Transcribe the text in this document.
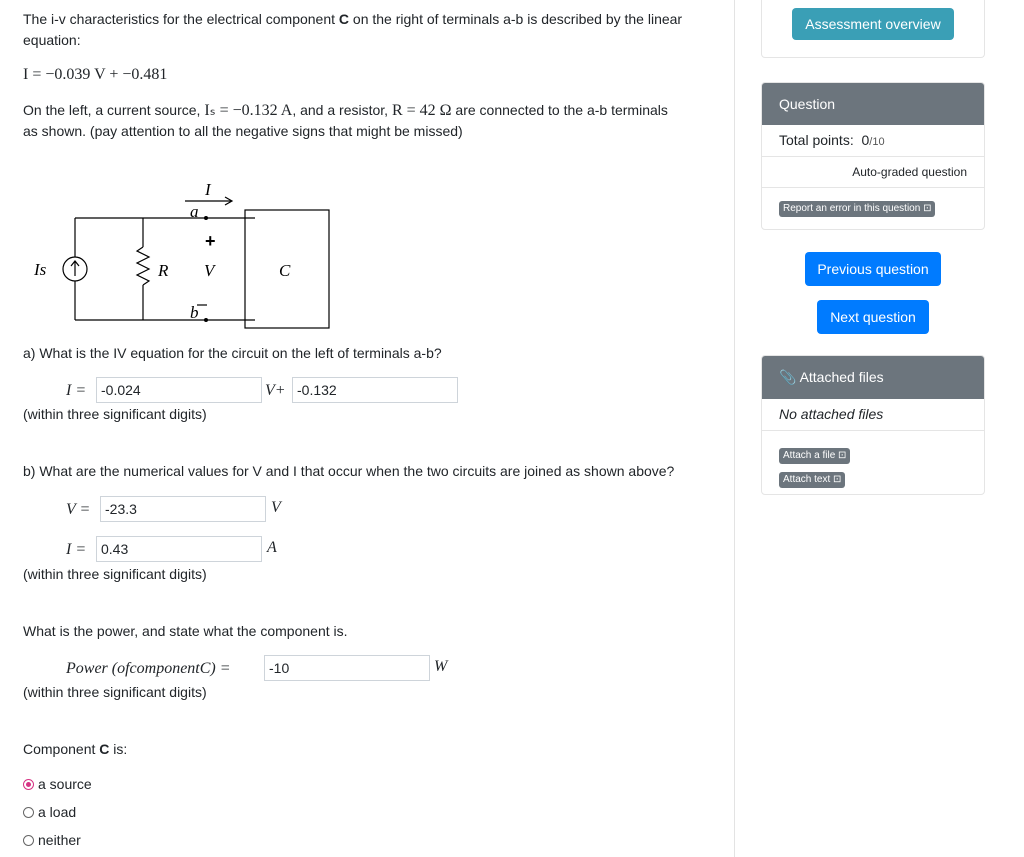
The i-v characteristics for the electrical component C on the right of terminals a-b is described by the linear
equation:
I = −0.039 V + −0.481
On the left, a current source, Iₛ = −0.132 A, and a resistor, R = 42 Ω are connected to the a-b terminals
as shown. (pay attention to all the negative signs that might be missed)
Is	R
+
V
I
a
b
C
a) What is the IV equation for the circuit on the left of terminals a-b?
I =	-0.024	V+ -0.132
(within three significant digits)
b) What are the numerical values for V and I that occur when the two circuits are joined as shown above?
V =	-23.3	V
I =	0.43	A
(within three significant digits)
What is the power, and state what the component is.
Power (ofcomponentC) =	-10	W
(within three significant digits)
Component C is:
a source
a load
neither
Assessment overview
Question
Total points: 0/10
Auto-graded question
Report an error in this question ⊡
Previous question
Next question
📎 Attached files
No attached files
Attach a file ⊡
Attach text ⊡
